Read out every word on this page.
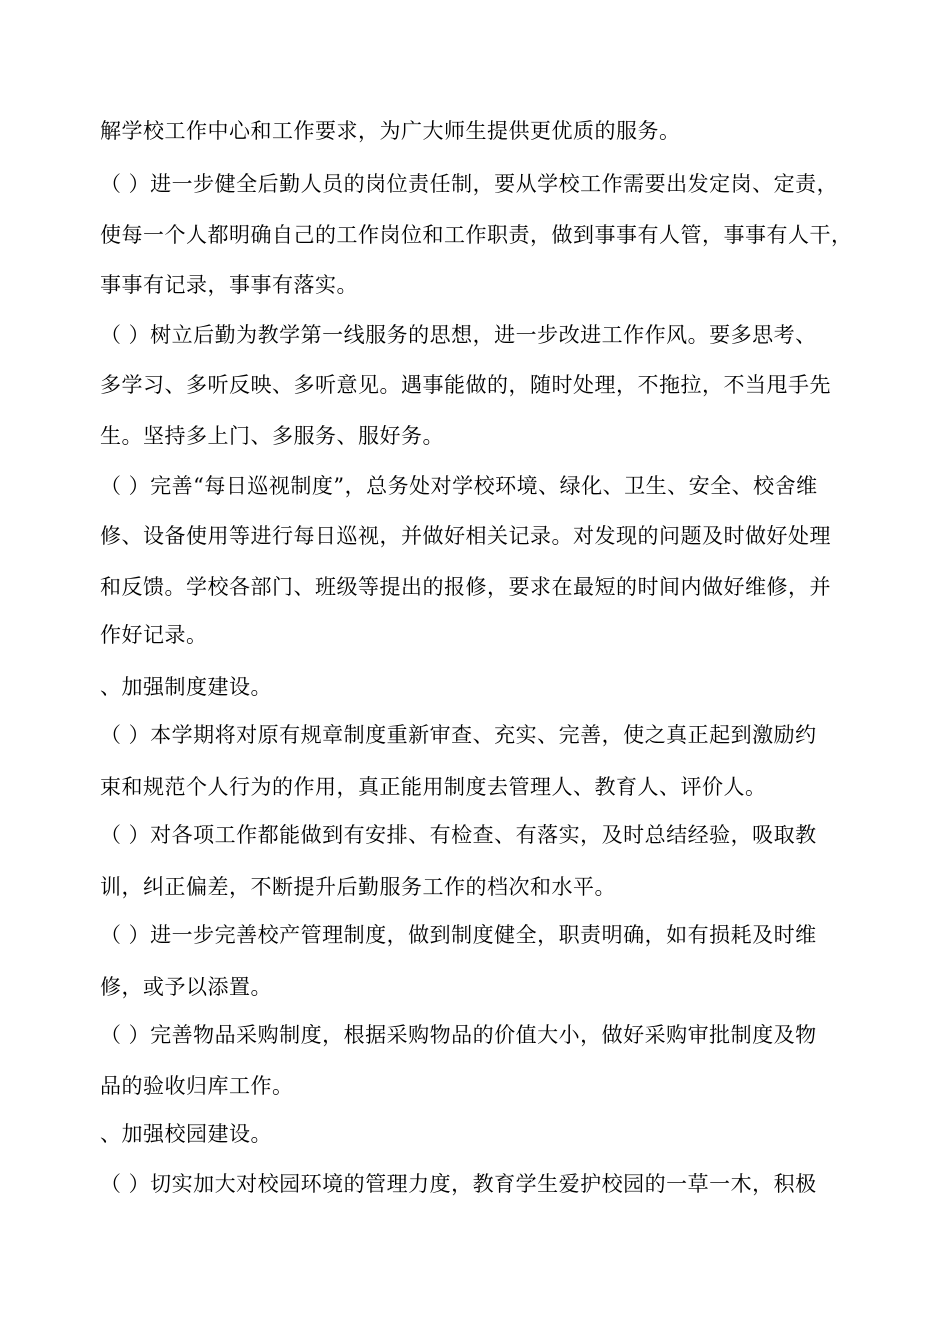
解学校工作中心和工作要求，为广大师生提供更优质的服务。
（ ）进一步健全后勤人员的岗位责任制，要从学校工作需要出发定岗、定责，
使每一个人都明确自己的工作岗位和工作职责，做到事事有人管，事事有人干，
事事有记录，事事有落实。
（ ）树立后勤为教学第一线服务的思想，进一步改进工作作风。要多思考、
多学习、多听反映、多听意见。遇事能做的，随时处理，不拖拉，不当甩手先
生。坚持多上门、多服务、服好务。
（ ）完善“每日巡视制度”，总务处对学校环境、绿化、卫生、安全、校舍维
修、设备使用等进行每日巡视，并做好相关记录。对发现的问题及时做好处理
和反馈。学校各部门、班级等提出的报修，要求在最短的时间内做好维修，并
作好记录。
、加强制度建设。
（ ）本学期将对原有规章制度重新审查、充实、完善，使之真正起到激励约
束和规范个人行为的作用，真正能用制度去管理人、教育人、评价人。
（ ）对各项工作都能做到有安排、有检查、有落实，及时总结经验，吸取教
训，纠正偏差，不断提升后勤服务工作的档次和水平。
（ ）进一步完善校产管理制度，做到制度健全，职责明确，如有损耗及时维
修，或予以添置。
（ ）完善物品采购制度，根据采购物品的价值大小，做好采购审批制度及物
品的验收归库工作。
、加强校园建设。
（ ）切实加大对校园环境的管理力度，教育学生爱护校园的一草一木，积极
